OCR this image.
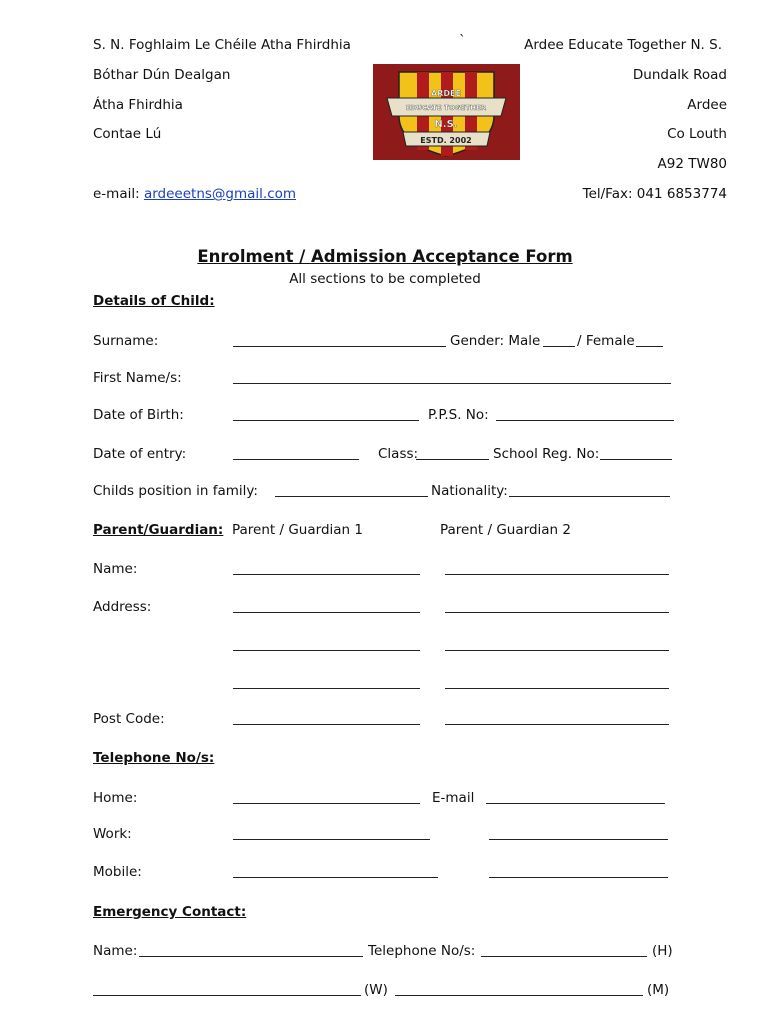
S. N. Foghlaim Le Chéile Atha Fhirdhia
Bóthar Dún Dealgan
Átha Fhirdhia
Contae Lú
`	Ardee Educate Together N. S.
Dundalk Road
Ardee
Co Louth
A92 TW80
e-mail: ardeeetns@gmail.com	Tel/Fax: 041 6853774
ARDEE
EDUCATE TOGETHER
N.S.
ESTD. 2002
Enrolment / Admission Acceptance Form
All sections to be completed
Details of Child:
Surname:	Gender: Male	/ Female
First Name/s:
Date of Birth:	P.P.S. No:
Date of entry:	Class:	School Reg. No:
Childs position in family:	Nationality:
Parent/Guardian: Parent / Guardian 1	Parent / Guardian 2
Name:
Address:
Post Code:
Telephone No/s:
Home:	E-mail
Work:
Mobile:
Emergency Contact:
Name:	Telephone No/s:	(H)
(W)	(M)
